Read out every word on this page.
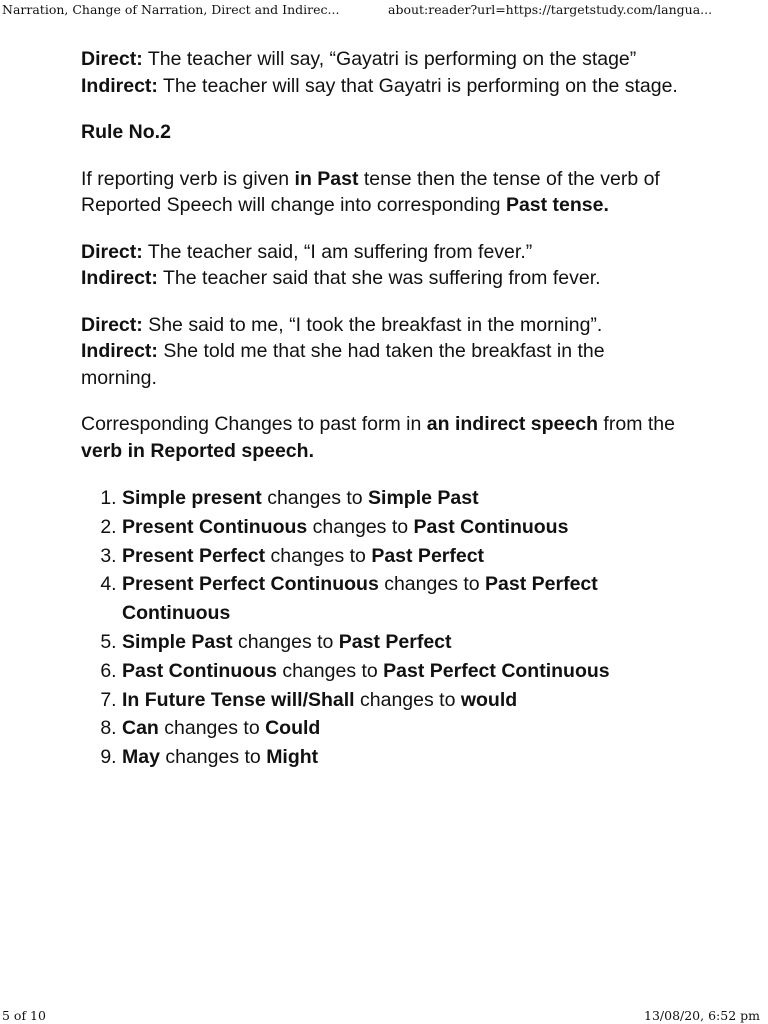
Narration, Change of Narration, Direct and Indirec...	about:reader?url=https://targetstudy.com/langua...

Direct: The teacher will say, “Gayatri is performing on the stage”

Indirect: The teacher will say that Gayatri is performing on the stage.

Rule No.2

If reporting verb is given in Past tense then the tense of the verb of Reported Speech will change into corresponding Past tense.

Direct: The teacher said, “I am suffering from fever.”

Indirect: The teacher said that she was suffering from fever.

Direct: She said to me, “I took the breakfast in the morning”.

Indirect: She told me that she had taken the breakfast in the morning.

Corresponding Changes to past form in an indirect speech from the verb in Reported speech.

1. Simple present changes to Simple Past
2. Present Continuous changes to Past Continuous
3. Present Perfect changes to Past Perfect
4. Present Perfect Continuous changes to Past Perfect Continuous
5. Simple Past changes to Past Perfect
6. Past Continuous changes to Past Perfect Continuous
7. In Future Tense will/Shall changes to would
8. Can changes to Could
9. May changes to Might
5 of 10	13/08/20, 6:52 pm
